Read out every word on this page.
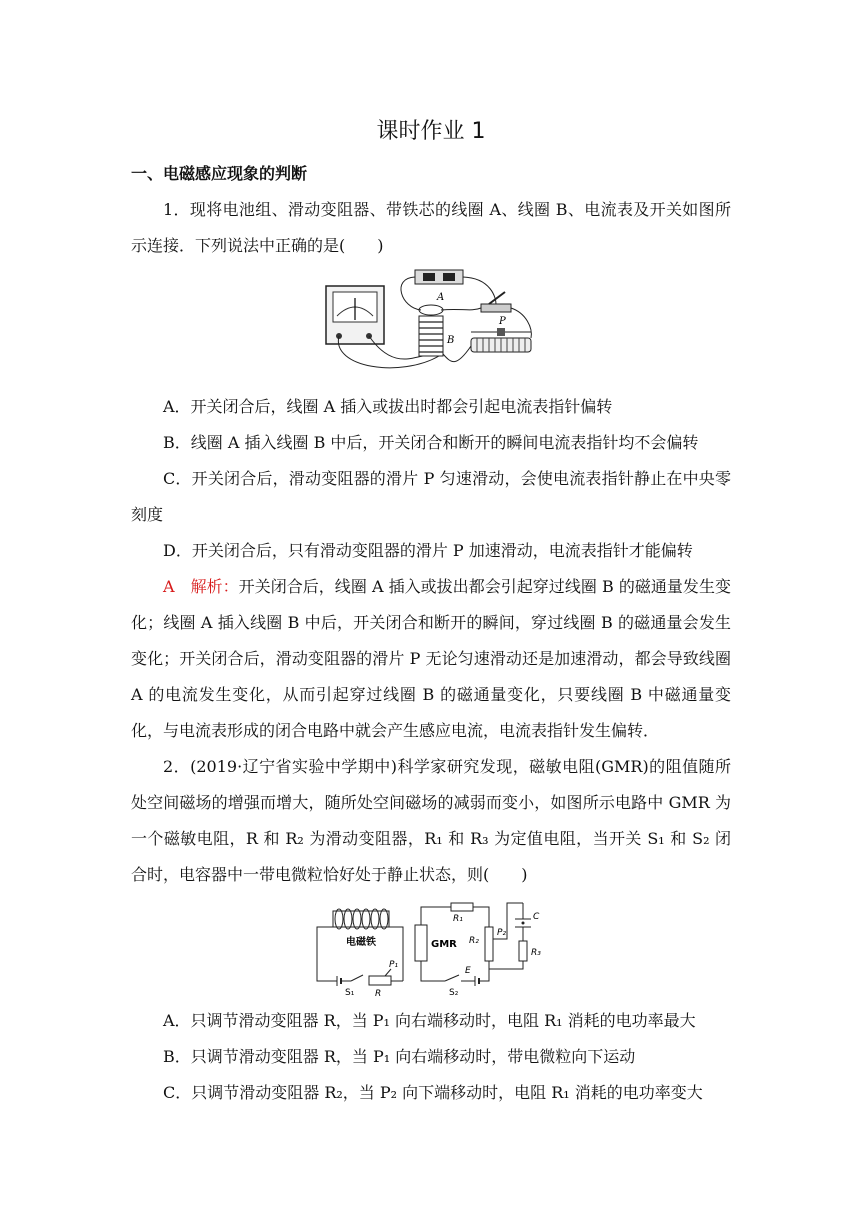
课时作业 1
一、电磁感应现象的判断

1．现将电池组、滑动变阻器、带铁芯的线圈 A、线圈 B、电流表及开关如图所示连接．下列说法中正确的是(　　)

A
B
P
A．开关闭合后，线圈 A 插入或拔出时都会引起电流表指针偏转
B．线圈 A 插入线圈 B 中后，开关闭合和断开的瞬间电流表指针均不会偏转

C．开关闭合后，滑动变阻器的滑片 P 匀速滑动，会使电流表指针静止在中央零刻度

D．开关闭合后，只有滑动变阻器的滑片 P 加速滑动，电流表指针才能偏转

A　 解析：开关闭合后，线圈 A 插入或拔出都会引起穿过线圈 B 的磁通量发生变化；线圈 A 插入线圈 B 中后，开关闭合和断开的瞬间，穿过线圈 B 的磁通量会发生变化；开关闭合后，滑动变阻器的滑片 P 无论匀速滑动还是加速滑动，都会导致线圈 A 的电流发生变化，从而引起穿过线圈 B 的磁通量变化，只要线圈 B 中磁通量变化，与电流表形成的闭合电路中就会产生感应电流，电流表指针发生偏转．

2．(2019·辽宁省实验中学期中)科学家研究发现，磁敏电阻(GMR)的阻值随所处空间磁场的增强而增大，随所处空间磁场的减弱而变小，如图所示电路中 GMR 为一个磁敏电阻，R 和 R₂ 为滑动变阻器，R₁ 和 R₃ 为定值电阻，当开关 S₁ 和 S₂ 闭合时，电容器中一带电微粒恰好处于静止状态，则(　　)

电磁铁
S₁ R
P₁
GMR
R₁
S₂
E
R₂
P₂
C
R₃
A．只调节滑动变阻器 R，当 P₁ 向右端移动时，电阻 R₁ 消耗的电功率最大
B．只调节滑动变阻器 R，当 P₁ 向右端移动时，带电微粒向下运动
C．只调节滑动变阻器 R₂，当 P₂ 向下端移动时，电阻 R₁ 消耗的电功率变大
